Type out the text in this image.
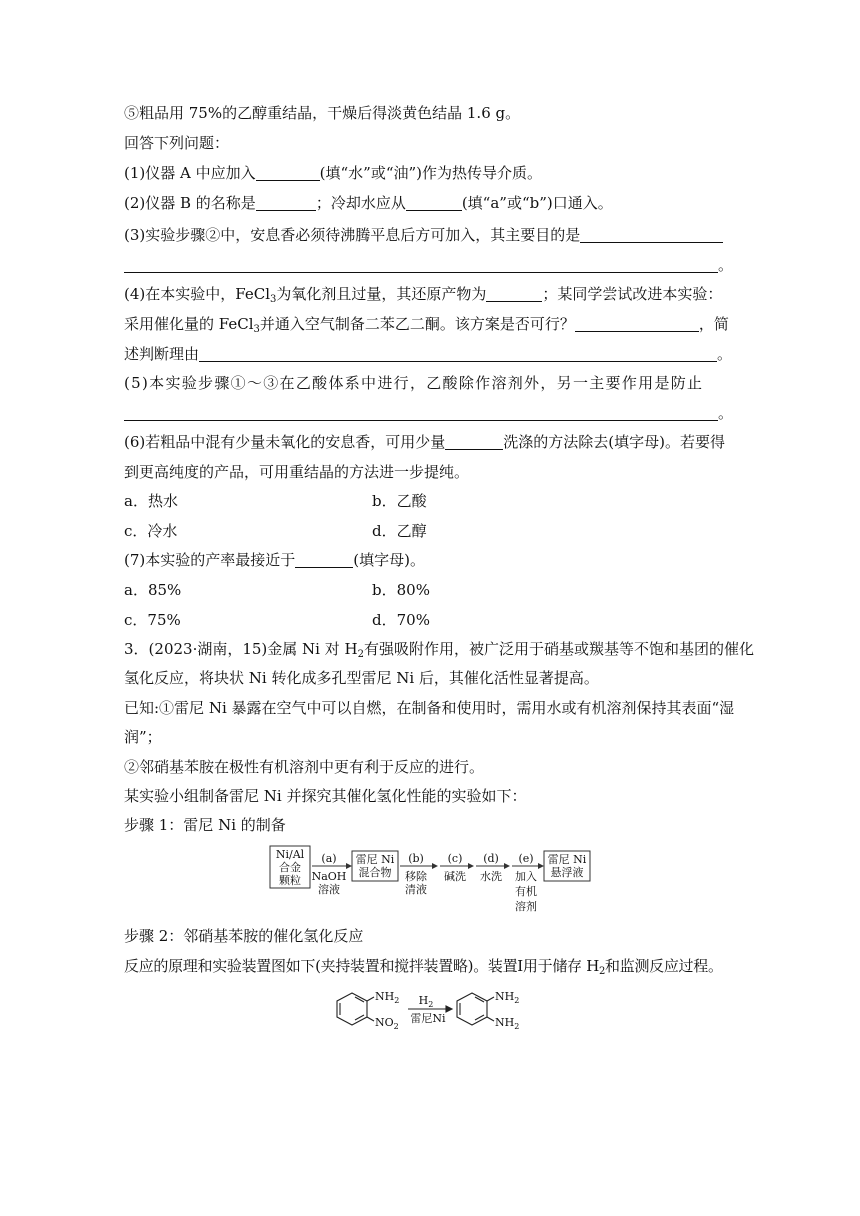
⑤粗品用 75%的乙醇重结晶，干燥后得淡黄色结晶 1.6 g。
回答下列问题：
(1)仪器 A 中应加入	(填“水”或“油”)作为热传导介质。
(2)仪器 B 的名称是	；冷却水应从	(填“a”或“b”)口通入。
(3)实验步骤②中，安息香必须待沸腾平息后方可加入，其主要目的是
。
(4)在本实验中，FeCl$_3$为氧化剂且过量，其还原产物为	；某同学尝试改进本实验：
采用催化量的 FeCl$_3$并通入空气制备二苯乙二酮。该方案是否可行？	，简
述判断理由	。
(5)本实验步骤①～③在乙酸体系中进行，乙酸除作溶剂外，另一主要作用是防止
。
(6)若粗品中混有少量未氧化的安息香，可用少量	洗涤的方法除去(填字母)。若要得
到更高纯度的产品，可用重结晶的方法进一步提纯。
a．热水	b．乙酸
c．冷水	d．乙醇
(7)本实验的产率最接近于	(填字母)。
a．85%	b．80%
c．75%	d．70%
3．(2023·湖南，15)金属 Ni 对 $H_2$有强吸附作用，被广泛用于硝基或羰基等不饱和基团的催化
氢化反应，将块状 Ni 转化成多孔型雷尼 Ni 后，其催化活性显著提高。
已知:①雷尼 Ni 暴露在空气中可以自燃，在制备和使用时，需用水或有机溶剂保持其表面“湿
润”；
②邻硝基苯胺在极性有机溶剂中更有利于反应的进行。
某实验小组制备雷尼 Ni 并探究其催化氢化性能的实验如下：
步骤 1：雷尼 Ni 的制备
Ni/Al
合金
颗粒
(a)
NaOH
溶液
雷尼 Ni
混合物
(b)
移除
清液
(c)
碱洗
(d)
水洗
(e)
加入
有机
溶剂
雷尼 Ni
悬浮液
步骤 2：邻硝基苯胺的催化氢化反应
反应的原理和实验装置图如下(夹持装置和搅拌装置略)。装置Ⅰ用于储存 $H_2$和监测反应过程。
$NH_2$
$NO_2$
$H_2$
雷尼Ni
$NH_2$
$NH_2$
